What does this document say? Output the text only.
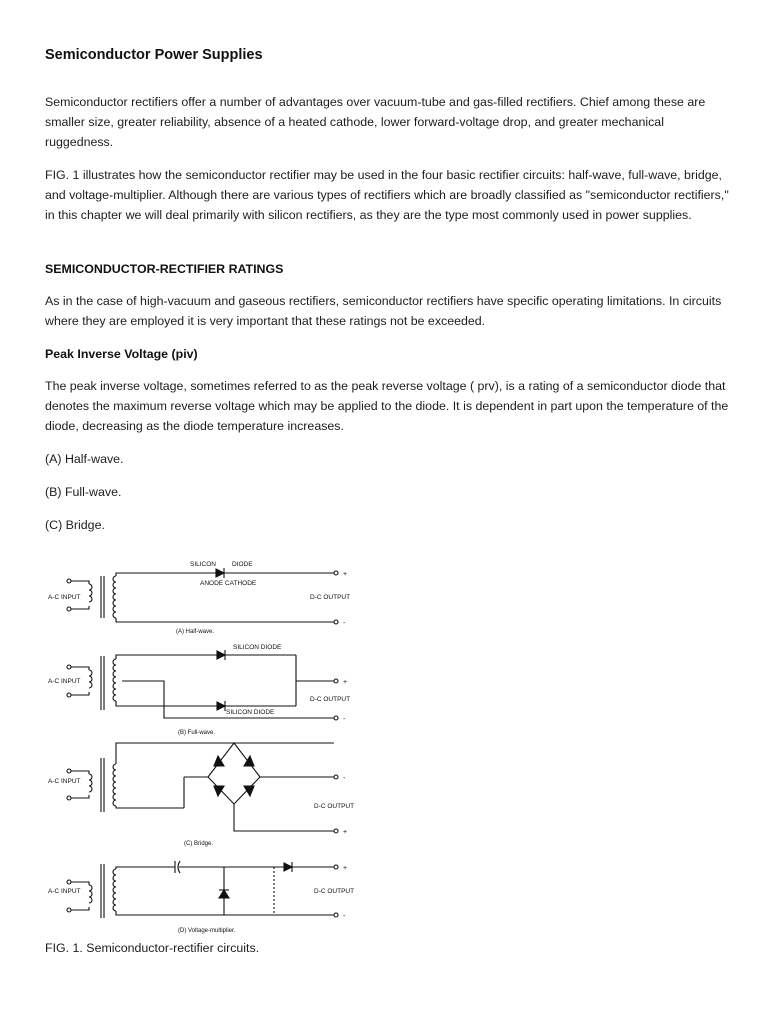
Semiconductor Power Supplies

Semiconductor rectifiers offer a number of advantages over vacuum-tube and gas-filled rectifiers. Chief among these are smaller size, greater reliability, absence of a heated cathode, lower forward-voltage drop, and greater mechanical ruggedness.

FIG. 1 illustrates how the semiconductor rectifier may be used in the four basic rectifier circuits: half-wave, full-wave, bridge, and voltage-multiplier. Although there are various types of rectifiers which are broadly classified as "semiconductor rectifiers," in this chapter we will deal primarily with silicon rectifiers, as they are the type most commonly used in power supplies.

SEMICONDUCTOR-RECTIFIER RATINGS

As in the case of high-vacuum and gaseous rectifiers, semiconductor rectifiers have specific operating limitations. In circuits where they are employed it is very important that these ratings not be exceeded.

Peak Inverse Voltage (piv)

The peak inverse voltage, sometimes referred to as the peak reverse voltage ( prv), is a rating of a semiconductor diode that denotes the maximum reverse voltage which may be applied to the diode. It is dependent in part upon the temperature of the diode, decreasing as the diode temperature increases.

(A) Half-wave.

(B) Full-wave.

(C) Bridge.

SILICON DIODE
ANODE CATHODE
A-C INPUT	D-C OUTPUT
+
-
(A) Half-wave.
SILICON DIODE
SILICON DIODE
A-C INPUT
D-C OUTPUT
+
-
(B) Full-wave.
A-C INPUT
D-C OUTPUT
-
+
(C) Bridge.
A-C INPUT	D-C OUTPUT
+
-
(D) Voltage-multiplier.

FIG. 1. Semiconductor-rectifier circuits.
